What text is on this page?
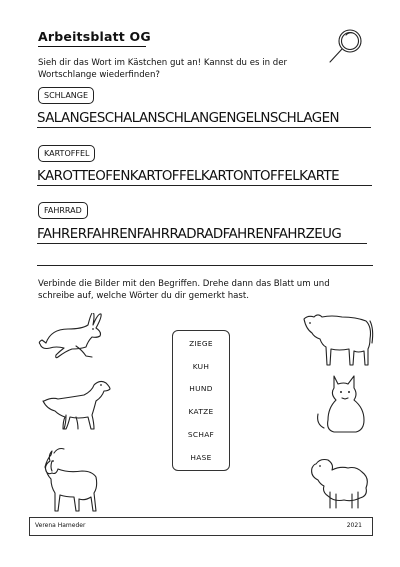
Arbeitsblatt OG
Sieh dir das Wort im Kästchen gut an! Kannst du es in der Wortschlange wiederfinden?
SCHLANGE
SALANGESCHALANSCHLANGENGELNSCHLAGEN
KARTOFFEL
KAROTTEOFENKARTOFFELKARTONTOFFELKARTE
FAHRRAD
FAHRERFAHRENFAHRRADRADFAHRENFAHRZEUG
Verbinde die Bilder mit den Begriffen. Drehe dann das Blatt um und schreibe auf, welche Wörter du dir gemerkt hast.
ZIEGE
KUH
HUND
KATZE
SCHAF
HASE
Verena Hameder	2021
